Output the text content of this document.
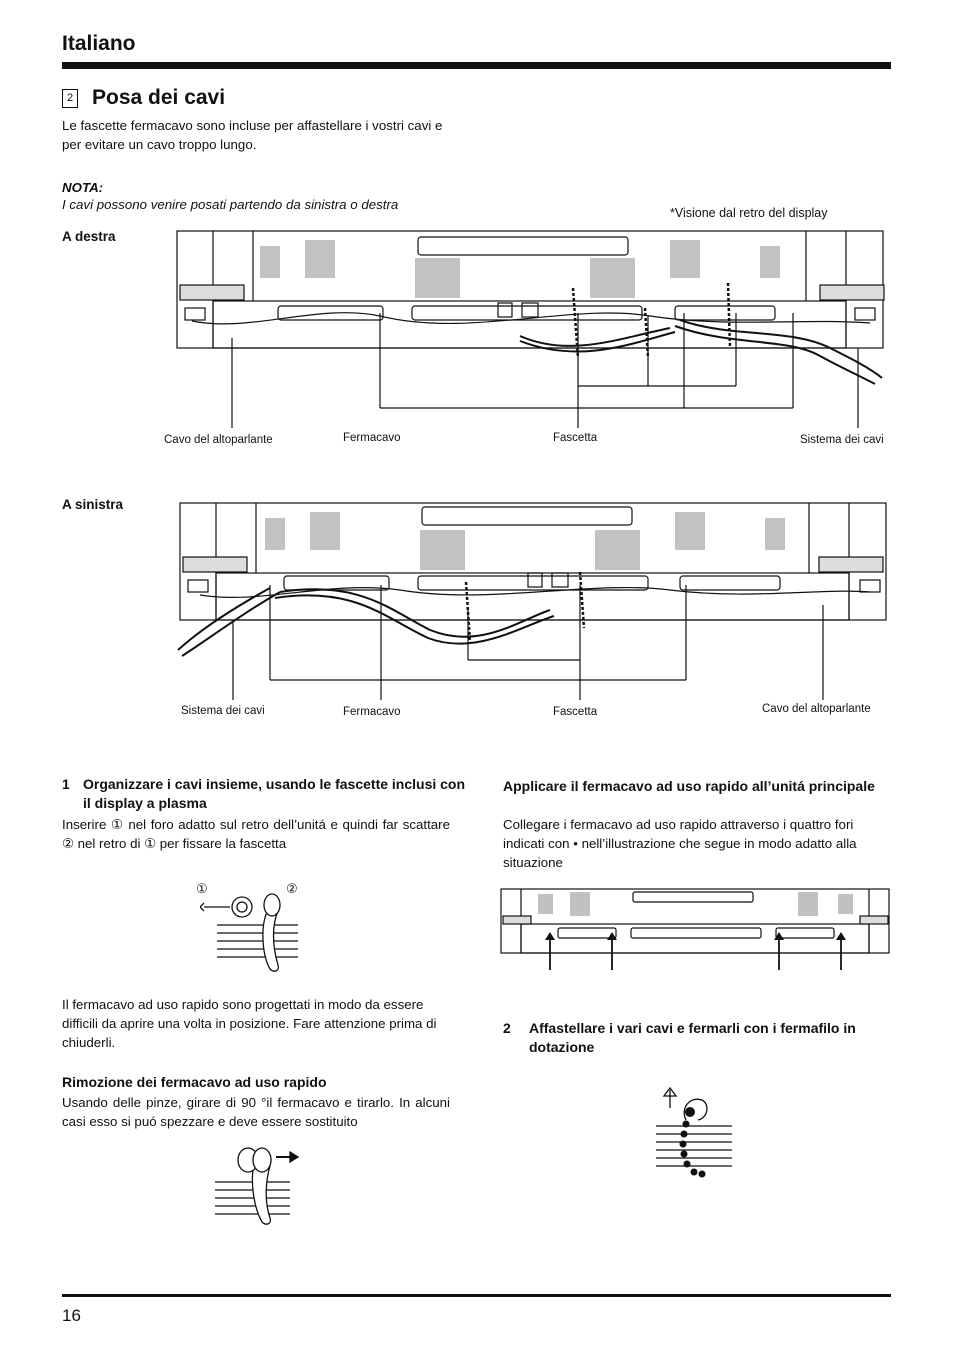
Italiano
2 Posa dei cavi
Le fascette fermacavo sono incluse per affastellare i vostri cavi e per evitare un cavo troppo lungo.
NOTA:
I cavi possono venire posati partendo da sinistra o destra
*Visione dal retro del display
A destra
Cavo del altoparlante	Fermacavo	Fascetta	Sistema dei cavi
A sinistra
Sistema dei cavi	Fermacavo	Fascetta	Cavo del altoparlante
1 Organizzare i cavi insieme, usando le fascette inclusi con il display a plasma
Inserire ① nel foro adatto sul retro dell’unitá e quindi far scattare ② nel retro di ① per fissare la fascetta
①	②
Il fermacavo ad uso rapido sono progettati in modo da essere difficili da aprire una volta in posizione. Fare attenzione prima di chiuderli.
Rimozione dei fermacavo ad uso rapido
Usando delle pinze, girare di 90 °il fermacavo e tirarlo. In alcuni casi esso si puó spezzare e deve essere sostituito
Applicare il fermacavo ad uso rapido all’unitá principale
Collegare i fermacavo ad uso rapido attraverso i quattro fori indicati con • nell’illustrazione che segue in modo adatto alla situazione
2	Affastellare i vari cavi e fermarli con i fermafilo in dotazione
16
